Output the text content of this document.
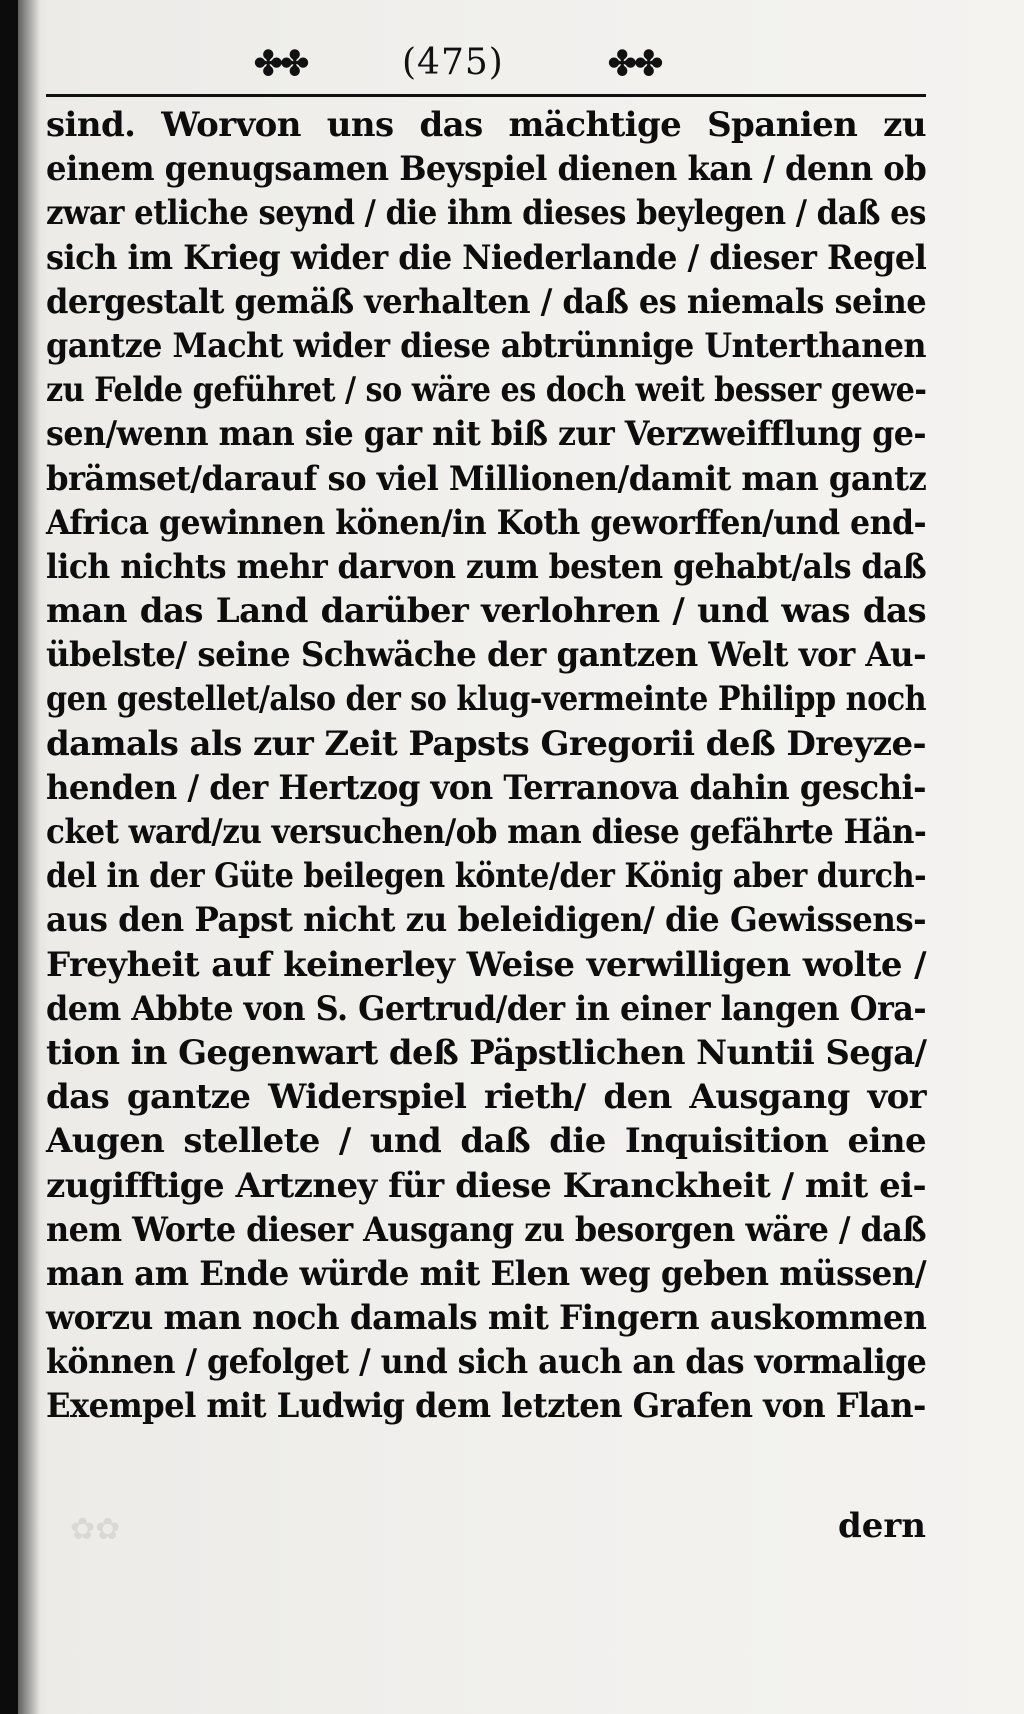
✤✤	(475)	✤✤
sind. Worvon uns das mächtige Spanien zu
einem genugsamen Beyspiel dienen kan / denn ob
zwar etliche seynd / die ihm dieses beylegen / daß es
sich im Krieg wider die Niederlande / dieser Regel
dergestalt gemäß verhalten / daß es niemals seine
gantze Macht wider diese abtrünnige Unterthanen
zu Felde geführet / so wäre es doch weit besser gewe-
sen/wenn man sie gar nit biß zur Verzweifflung ge-
brämset/darauf so viel Millionen/damit man gantz
Africa gewinnen könen/in Koth geworffen/und end-
lich nichts mehr darvon zum besten gehabt/als daß
man das Land darüber verlohren / und was das
übelste/ seine Schwäche der gantzen Welt vor Au-
gen gestellet/also der so klug-vermeinte Philipp noch
damals als zur Zeit Papsts Gregorii deß Dreyze-
henden / der Hertzog von Terranova dahin geschi-
cket ward/zu versuchen/ob man diese gefährte Hän-
del in der Güte beilegen könte/der König aber durch-
aus den Papst nicht zu beleidigen/ die Gewissens-
Freyheit auf keinerley Weise verwilligen wolte /
dem Abbte von S. Gertrud/der in einer langen Ora-
tion in Gegenwart deß Päpstlichen Nuntii Sega/
das gantze Widerspiel rieth/ den Ausgang vor
Augen stellete / und daß die Inquisition eine
zugifftige Artzney für diese Kranckheit / mit ei-
nem Worte dieser Ausgang zu besorgen wäre / daß
man am Ende würde mit Elen weg geben müssen/
worzu man noch damals mit Fingern auskommen
können / gefolget / und sich auch an das vormalige
Exempel mit Ludwig dem letzten Grafen von Flan-
✿✿	dern
